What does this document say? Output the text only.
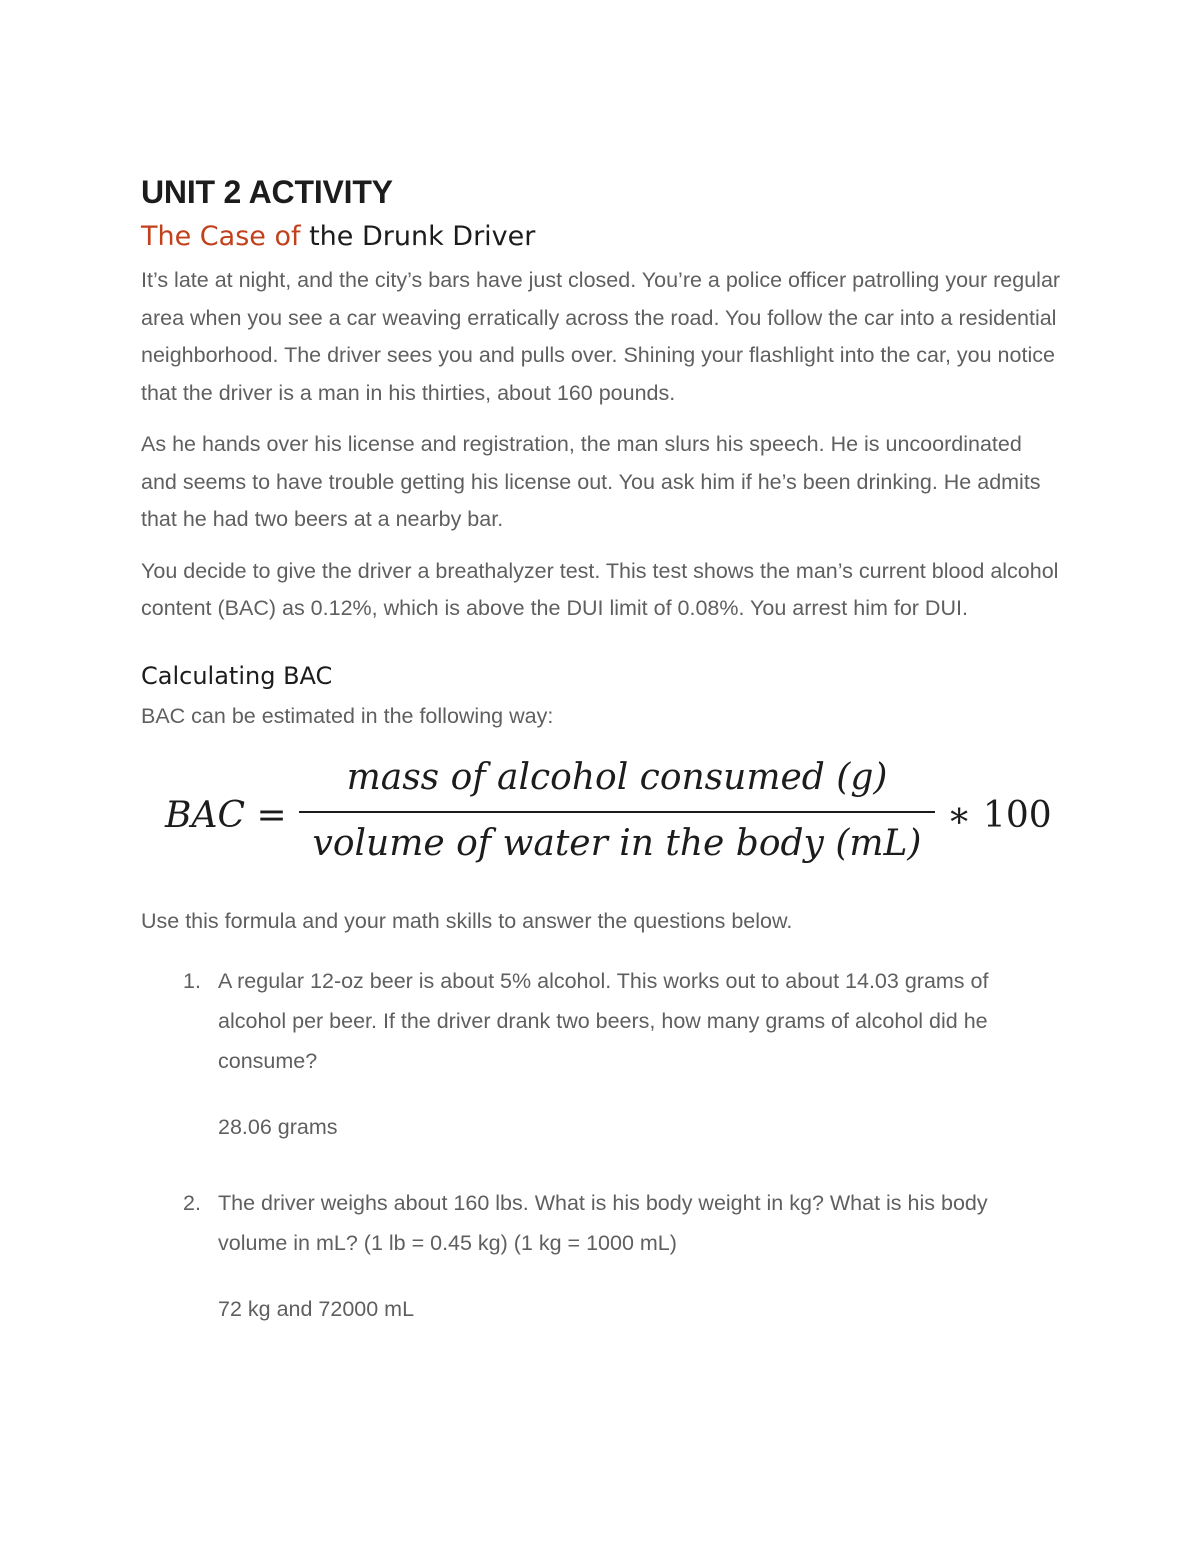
UNIT 2 ACTIVITY
The Case of the Drunk Driver

It’s late at night, and the city’s bars have just closed. You’re a police officer patrolling your regular area when you see a car weaving erratically across the road. You follow the car into a residential neighborhood. The driver sees you and pulls over. Shining your flashlight into the car, you notice that the driver is a man in his thirties, about 160 pounds.

As he hands over his license and registration, the man slurs his speech. He is uncoordinated and seems to have trouble getting his license out. You ask him if he’s been drinking. He admits that he had two beers at a nearby bar.

You decide to give the driver a breathalyzer test. This test shows the man’s current blood alcohol content (BAC) as 0.12%, which is above the DUI limit of 0.08%. You arrest him for DUI.

Calculating BAC

BAC can be estimated in the following way:

BAC =
mass of alcohol consumed (g)
volume of water in the body (mL)
∗ 100

Use this formula and your math skills to answer the questions below.

1. A regular 12-oz beer is about 5% alcohol. This works out to about 14.03 grams of alcohol per beer. If the driver drank two beers, how many grams of alcohol did he consume?

28.06 grams

2. The driver weighs about 160 lbs. What is his body weight in kg? What is his body volume in mL? (1 lb = 0.45 kg) (1 kg = 1000 mL)

72 kg and 72000 mL
